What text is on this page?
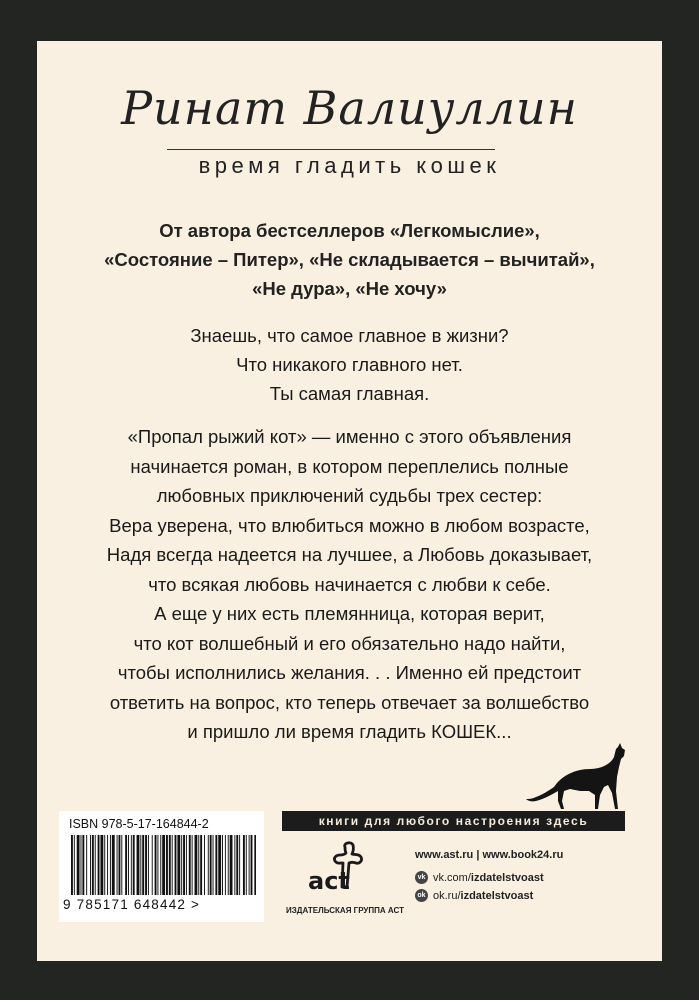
Ринат Валиуллин
время гладить кошек
От автора бестселлеров «Легкомыслие»,
«Состояние – Питер», «Не складывается – вычитай»,
«Не дура», «Не хочу»
Знаешь, что самое главное в жизни?
Что никакого главного нет.
Ты самая главная.
«Пропал рыжий кот» — именно с этого объявления
начинается роман, в котором переплелись полные
любовных приключений судьбы трех сестер:
Вера уверена, что влюбиться можно в любом возрасте,
Надя всегда надеется на лучшее, а Любовь доказывает,
что всякая любовь начинается с любви к себе.
А еще у них есть племянница, которая верит,
что кот волшебный и его обязательно надо найти,
чтобы исполнились желания. . . Именно ей предстоит
ответить на вопрос, кто теперь отвечает за волшебство
и пришло ли время гладить КОШЕК...
книги для любого настроения здесь
ISBN 978-5-17-164844-2
9 785171 648442 >
act
ИЗДАТЕЛЬСКАЯ ГРУППА АСТ
www.ast.ru | www.book24.ru
vk vk.com/izdatelstvoast
ok ok.ru/izdatelstvoast
